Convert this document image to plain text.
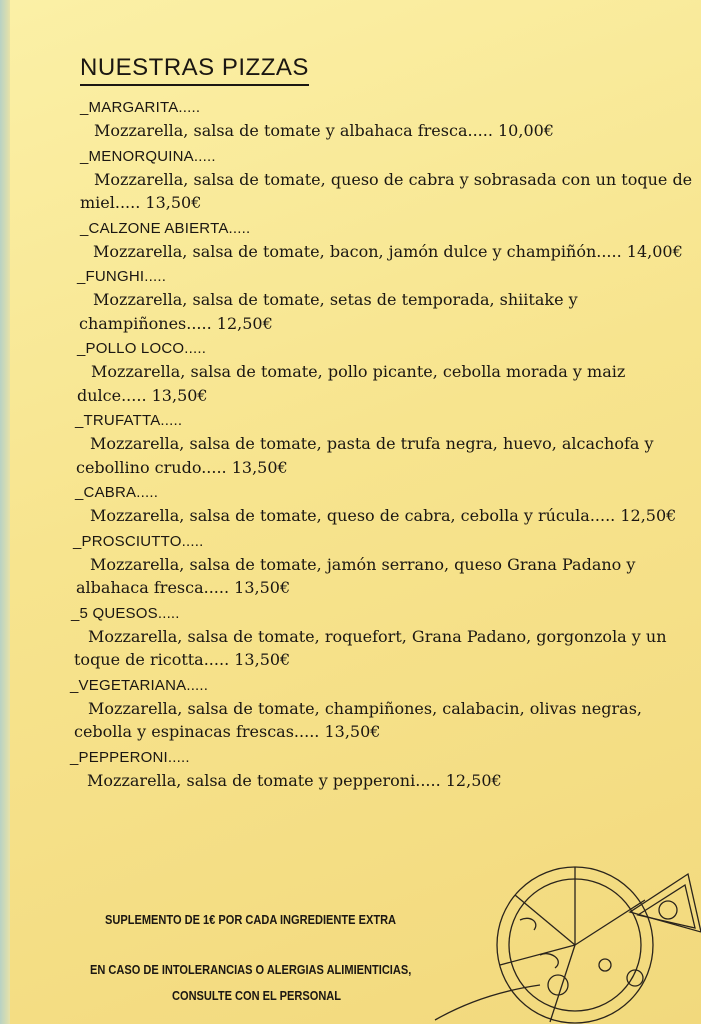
NUESTRAS PIZZAS
_MARGARITA.....
Mozzarella, salsa de tomate y albahaca fresca..... 10,00€
_MENORQUINA.....
Mozzarella, salsa de tomate, queso de cabra y sobrasada con un toque de miel..... 13,50€
_CALZONE ABIERTA.....
Mozzarella, salsa de tomate, bacon, jamón dulce y champiñón..... 14,00€
_FUNGHI.....
Mozzarella, salsa de tomate, setas de temporada, shiitake y champiñones..... 12,50€
_POLLO LOCO.....
Mozzarella, salsa de tomate, pollo picante, cebolla morada y maiz dulce..... 13,50€
_TRUFATTA.....
Mozzarella, salsa de tomate, pasta de trufa negra, huevo, alcachofa y cebollino crudo..... 13,50€
_CABRA.....
Mozzarella, salsa de tomate, queso de cabra, cebolla y rúcula..... 12,50€
_PROSCIUTTO.....
Mozzarella, salsa de tomate, jamón serrano, queso Grana Padano y albahaca fresca..... 13,50€
_5 QUESOS.....
Mozzarella, salsa de tomate, roquefort, Grana Padano, gorgonzola y un toque de ricotta..... 13,50€
_VEGETARIANA.....
Mozzarella, salsa de tomate, champiñones, calabacin, olivas negras, cebolla y espinacas frescas..... 13,50€
_PEPPERONI.....
Mozzarella, salsa de tomate y pepperoni..... 12,50€
SUPLEMENTO DE 1€ POR CADA INGREDIENTE EXTRA
EN CASO DE INTOLERANCIAS O ALERGIAS ALIMIENTICIAS,
CONSULTE CON EL PERSONAL
